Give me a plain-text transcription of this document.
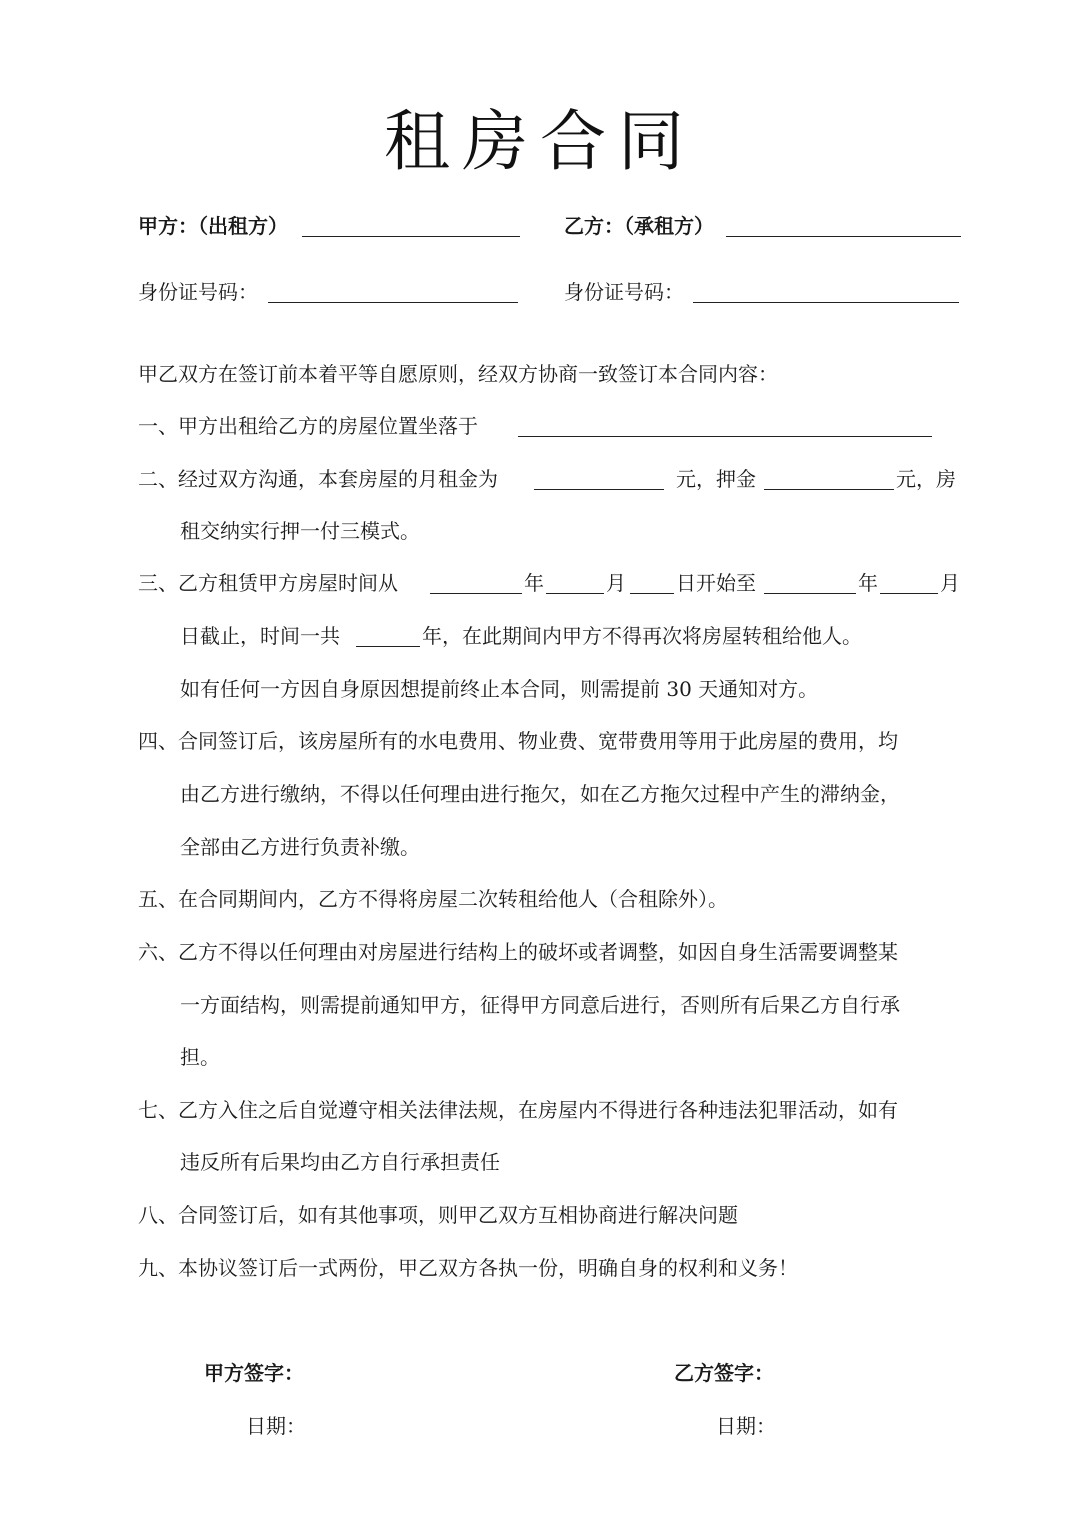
租房合同
甲方：（出租方）	乙方：（承租方）
身份证号码：	身份证号码：
甲乙双方在签订前本着平等自愿原则，经双方协商一致签订本合同内容：
一、甲方出租给乙方的房屋位置坐落于
二、经过双方沟通，本套房屋的月租金为	元，押金	元，房
租交纳实行押一付三模式。
三、乙方租赁甲方房屋时间从	年	月	日开始至	年	月
日截止，时间一共	年，在此期间内甲方不得再次将房屋转租给他人。
如有任何一方因自身原因想提前终止本合同，则需提前 30 天通知对方。
四、合同签订后，该房屋所有的水电费用、物业费、宽带费用等用于此房屋的费用，均
由乙方进行缴纳，不得以任何理由进行拖欠，如在乙方拖欠过程中产生的滞纳金，
全部由乙方进行负责补缴。
五、在合同期间内，乙方不得将房屋二次转租给他人（合租除外）。
六、乙方不得以任何理由对房屋进行结构上的破坏或者调整，如因自身生活需要调整某
一方面结构，则需提前通知甲方，征得甲方同意后进行，否则所有后果乙方自行承
担。
七、乙方入住之后自觉遵守相关法律法规，在房屋内不得进行各种违法犯罪活动，如有
违反所有后果均由乙方自行承担责任
八、合同签订后，如有其他事项，则甲乙双方互相协商进行解决问题
九、本协议签订后一式两份，甲乙双方各执一份，明确自身的权利和义务！
甲方签字：	乙方签字：
日期：	日期：
